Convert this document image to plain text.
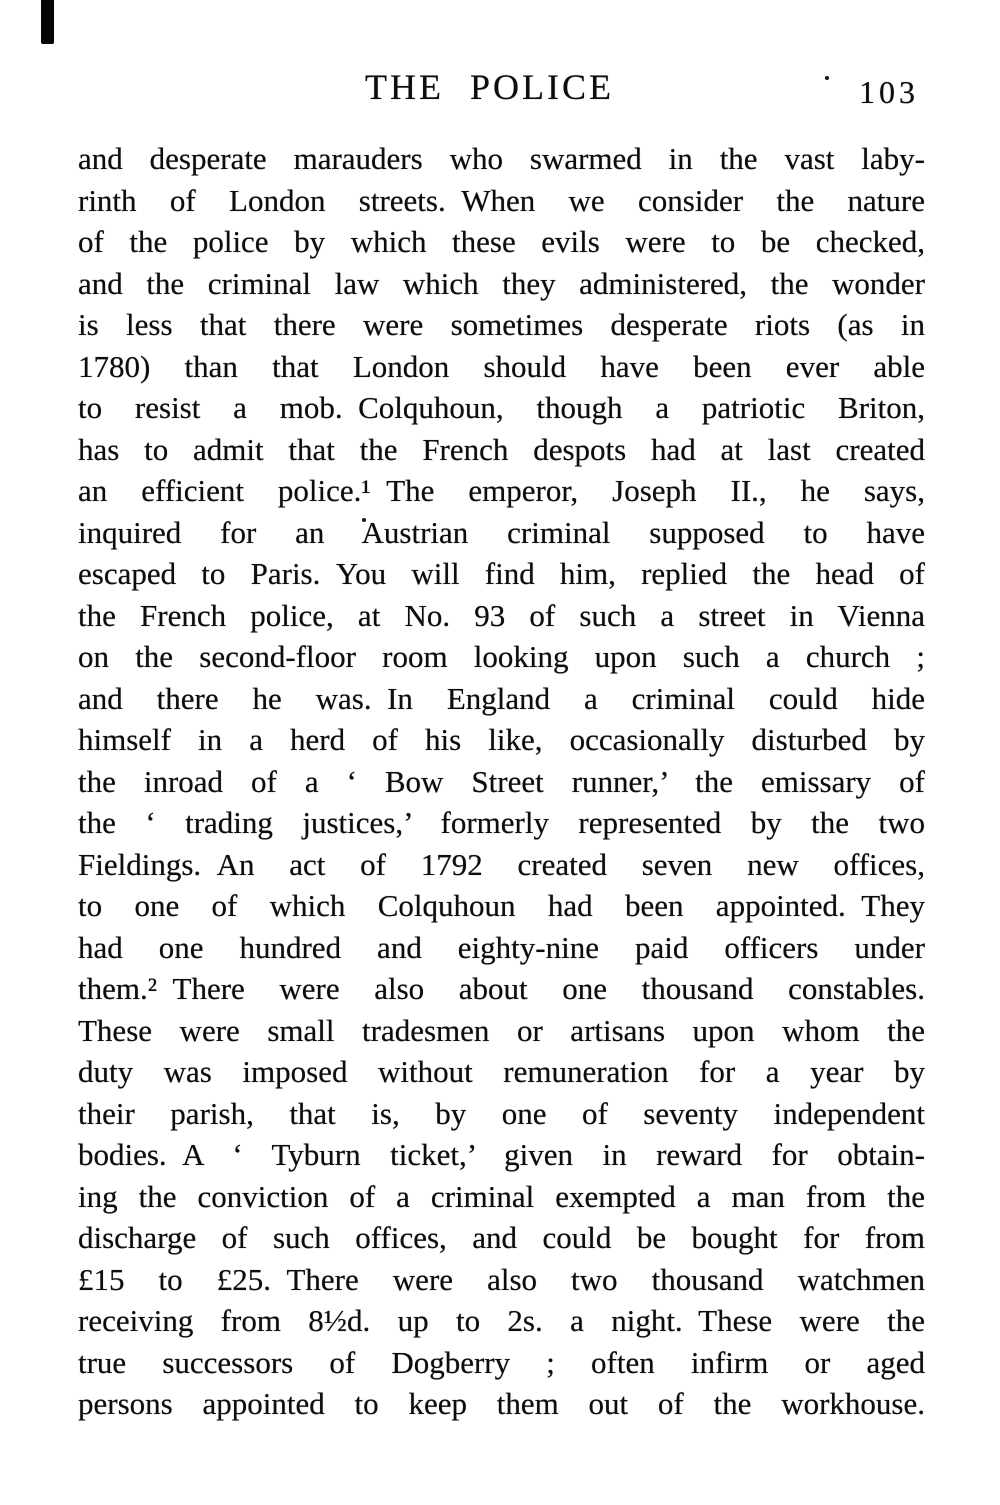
THE POLICE	103
and desperate marauders who swarmed in the vast laby-
rinth of London streets. When we consider the nature
of the police by which these evils were to be checked,
and the criminal law which they administered, the wonder
is less that there were sometimes desperate riots (as in
1780) than that London should have been ever able
to resist a mob. Colquhoun, though a patriotic Briton,
has to admit that the French despots had at last created
an efficient police.¹ The emperor, Joseph II., he says,
inquired for an Austrian criminal supposed to have
escaped to Paris. You will find him, replied the head of
the French police, at No. 93 of such a street in Vienna
on the second-floor room looking upon such a church ;
and there he was. In England a criminal could hide
himself in a herd of his like, occasionally disturbed by
the inroad of a ‘ Bow Street runner,’ the emissary of
the ‘ trading justices,’ formerly represented by the two
Fieldings. An act of 1792 created seven new offices,
to one of which Colquhoun had been appointed. They
had one hundred and eighty-nine paid officers under
them.² There were also about one thousand constables.
These were small tradesmen or artisans upon whom the
duty was imposed without remuneration for a year by
their parish, that is, by one of seventy independent
bodies. A ‘ Tyburn ticket,’ given in reward for obtain-
ing the conviction of a criminal exempted a man from the
discharge of such offices, and could be bought for from
£15 to £25. There were also two thousand watchmen
receiving from 8½d. up to 2s. a night. These were the
true successors of Dogberry ; often infirm or aged
persons appointed to keep them out of the workhouse.
